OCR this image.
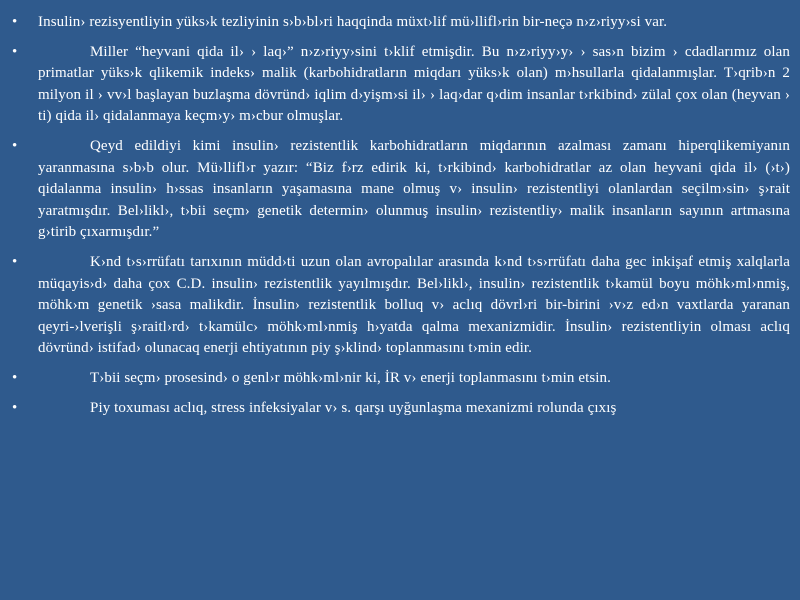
• Insulin› rezisyentliyin yüks›k tezliyinin s›b›bl›ri haqqinda müxt›lif mü›llifl›rin bir-neçə n›z›riyy›si var.
•	Miller “heyvani qida il› › laq›” n›z›riyy›sini t›klif etmişdir. Bu n›z›riyy›y› › sas›n bizim › cdadlarımız olan primatlar yüks›k qlikemik indeks› malik (karbohidratların miqdarı yüks›k olan) m›hsullarla qidalanmışlar. T›qrib›n 2 milyon il › vv›l başlayan buzlaşma dövründ› iqlim d›yişm›si il› › laq›dar q›dim insanlar t›rkibind› zülal çox olan (heyvan › ti) qida il› qidalanmaya keçm›y› m›cbur olmuşlar.
•	Qeyd edildiyi kimi insulin› rezistentlik karbohidratların miqdarının azalması zamanı hiperqlikemiyanın yaranmasına s›b›b olur. Mü›llifl›r yazır: “Biz f›rz edirik ki, t›rkibind› karbohidratlar az olan heyvani qida il› (›t›) qidalanma insulin› h›ssas insanların yaşamasına mane olmuş v› insulin› rezistentliyi olanlardan seçilm›sin› ş›rait yaratmışdır. Bel›likl›, t›bii seçm› genetik determin› olunmuş insulin› rezistentliy› malik insanların sayının artmasına g›tirib çıxarmışdır.”
•	K›nd t›s›rrüfatı tarıxının müdd›ti uzun olan avropalılar arasında k›nd t›s›rrüfatı daha gec inkişaf etmiş xalqlarla müqayis›d› daha çox C.D. insulin› rezistentlik yayılmışdır. Bel›likl›, insulin› rezistentlik t›kamül boyu möhk›ml›nmiş, möhk›m genetik ›sasa malikdir. İnsulin› rezistentlik bolluq v› aclıq dövrl›ri bir-birini ›v›z ed›n vaxtlarda yaranan qeyri-›lverişli ş›raitl›rd› t›kamülc› möhk›ml›nmiş h›yatda qalma mexanizmidir. İnsulin› rezistentliyin olması aclıq dövründ› istifad› olunacaq enerji ehtiyatının piy ş›klind› toplanmasını t›min edir.
•	T›bii seçm› prosesind› o genl›r möhk›ml›nir ki, İR v› enerji toplanmasını t›min etsin.
•	Piy toxuması aclıq, stress infeksiyalar v› s. qarşı uyğunlaşma mexanizmi rolunda çıxış
